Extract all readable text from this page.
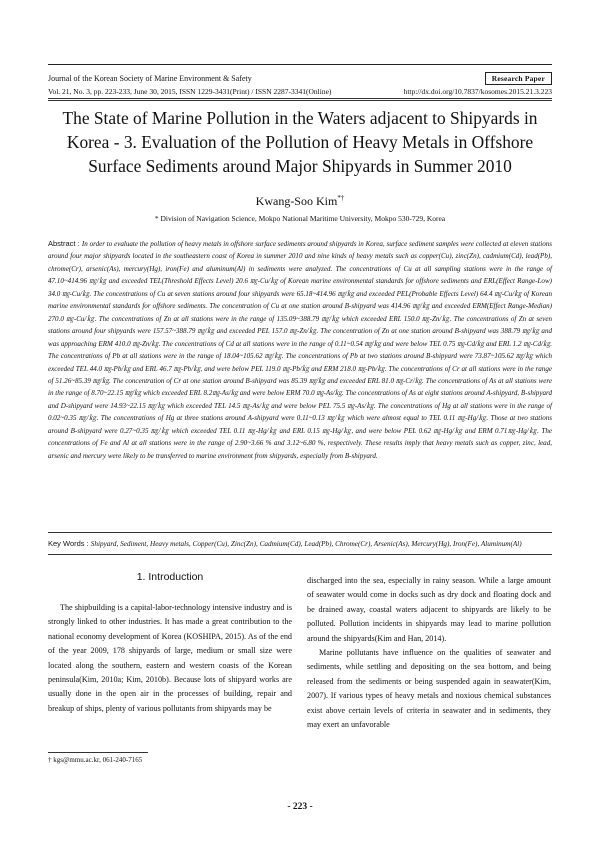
Journal of the Korean Society of Marine Environment & Safety	Research Paper
Vol. 21, No. 3, pp. 223-233, June 30, 2015, ISSN 1229-3431(Print) / ISSN 2287-3341(Online)	http://dx.doi.org/10.7837/kosomes.2015.21.3.223
The State of Marine Pollution in the Waters adjacent to Shipyards in Korea - 3. Evaluation of the Pollution of Heavy Metals in Offshore Surface Sediments around Major Shipyards in Summer 2010
Kwang-Soo Kim*†
* Division of Navigation Science, Mokpo National Maritime University, Mokpo 530-729, Korea
Abstract : In order to evaluate the pollution of heavy metals in offshore surface sediments around shipyards in Korea, surface sediment samples were collected at eleven stations around four major shipyards located in the southeastern coast of Korea in summer 2010 and nine kinds of heavy metals such as copper(Cu), zinc(Zn), cadmium(Cd), lead(Pb), chrome(Cr), arsenic(As), mercury(Hg), iron(Fe) and aluminum(Al) in sediments were analyzed. The concentrations of Cu at all sampling stations were in the range of 47.10~414.96 ㎎/㎏ and exceeded TEL(Threshold Effects Level) 20.6 ㎎-Cu/㎏ of Korean marine environmental standards for offshore sediments and ERL(Effect Range-Low) 34.0 ㎎-Cu/㎏. The concentrations of Cu at seven stations around four shipyards were 65.18~414.96 ㎎/㎏ and exceeded PEL(Probable Effects Level) 64.4 ㎎-Cu/㎏ of Korean marine environmental standards for offshore sediments. The concentration of Cu at one station around B-shipyard was 414.96 ㎎/㎏ and exceeded ERM(Effect Range-Median) 270.0 ㎎-Cu/㎏. The concentrations of Zn at all stations were in the range of 135.09~388.79 ㎎/㎏ which exceeded ERL 150.0 ㎎-Zn/㎏. The concentrations of Zn at seven stations around four shipyards were 157.57~388.79 ㎎/㎏ and exceeded PEL 157.0 ㎎-Zn/㎏. The concentration of Zn at one station around B-shipyard was 388.79 ㎎/㎏ and was approaching ERM 410.0 ㎎-Zn/㎏. The concentrations of Cd at all stations were in the range of 0.11~0.54 ㎎/㎏ and were below TEL 0.75 ㎎-Cd/㎏ and ERL 1.2 ㎎-Cd/㎏. The concentrations of Pb at all stations were in the range of 18.04~105.62 ㎎/㎏. The concentrations of Pb at two stations around B-shipyard were 73.87~105.62 ㎎/㎏ which exceeded TEL 44.0 ㎎-Pb/㎏ and ERL 46.7 ㎎-Pb/㎏, and were below PEL 119.0 ㎎-Pb/㎏ and ERM 218.0 ㎎-Pb/㎏. The concentrations of Cr at all stations were in the range of 51.26~85.39 ㎎/㎏. The concentration of Cr at one station around B-shipyard was 85.39 ㎎/㎏ and exceeded ERL 81.0 ㎎-Cr/㎏. The concentrations of As at all stations were in the range of 8.70~22.15 ㎎/㎏ which exceeded ERL 8.2㎎-As/㎏ and were below ERM 70.0 ㎎-As/㎏. The concentrations of As at eight stations around A-shipyard, B-shipyard and D-shipyard were 14.93~22.15 ㎎/㎏ which exceeded TEL 14.5 ㎎-As/㎏ and were below PEL 75.5 ㎎-As/㎏. The concentrations of Hg at all stations were in the range of 0.02~0.35 ㎎/㎏. The concentrations of Hg at three stations around A-shipyard were 0.11~0.13 ㎎/㎏ which were almost equal to TEL 0.11 ㎎-Hg/㎏. Those at two stations around B-shipyard were 0.27~0.35 ㎎/㎏ which exceeded TEL 0.11 ㎎-Hg/㎏ and ERL 0.15 ㎎-Hg/㎏, and were below PEL 0.62 ㎎-Hg/㎏ and ERM 0.71㎎-Hg/㎏. The concentrations of Fe and Al at all stations were in the range of 2.90~3.66 % and 3.12~6.80 %, respectively. These results imply that heavy metals such as copper, zinc, lead, arsenic and mercury were likely to be transferred to marine environment from shipyards, especially from B-shipyard.
Key Words : Shipyard, Sediment, Heavy metals, Copper(Cu), Zinc(Zn), Cadmium(Cd), Lead(Pb), Chrome(Cr), Arsenic(As), Mercury(Hg), Iron(Fe), Aluminum(Al)
1. Introduction

The shipbuilding is a capital-labor-technology intensive industry and is strongly linked to other industries. It has made a great contribution to the national economy development of Korea (KOSHIPA, 2015). As of the end of the year 2009, 178 shipyards of large, medium or small size were located along the southern, eastern and western coasts of the Korean peninsula(Kim, 2010a; Kim, 2010b). Because lots of shipyard works are usually done in the open air in the processes of building, repair and breakup of ships, plenty of various pollutants from shipyards may be

discharged into the sea, especially in rainy season. While a large amount of seawater would come in docks such as dry dock and floating dock and be drained away, coastal waters adjacent to shipyards are likely to be polluted. Pollution incidents in shipyards may lead to marine pollution around the shipyards(Kim and Han, 2014).

Marine pollutants have influence on the qualities of seawater and sediments, while settling and depositing on the sea bottom, and being released from the sediments or being suspended again in seawater(Kim, 2007). If various types of heavy metals and noxious chemical substances exist above certain levels of criteria in seawater and in sediments, they may exert an unfavorable

† kgs@mmu.ac.kr, 061-240-7165
- 223 -
